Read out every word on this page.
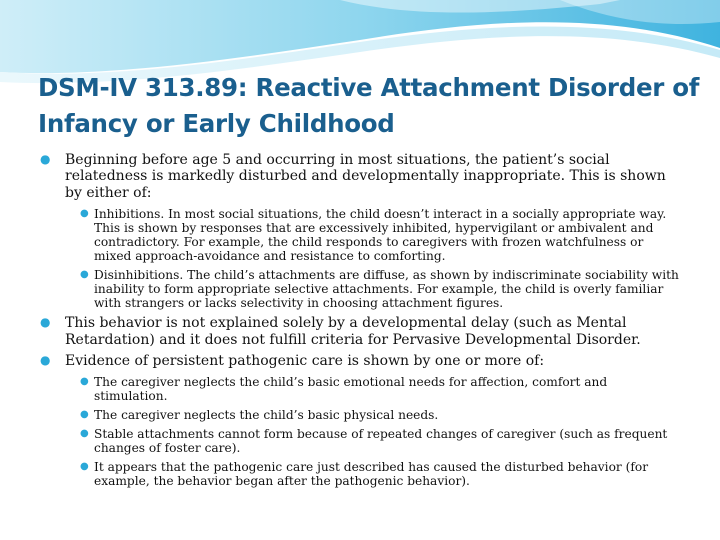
DSM-IV 313.89: Reactive Attachment Disorder of Infancy or Early Childhood
● Beginning before age 5 and occurring in most situations, the patient’s social relatedness is markedly disturbed and developmentally inappropriate. This is shown by either of:
● Inhibitions. In most social situations, the child doesn’t interact in a socially appropriate way. This is shown by responses that are excessively inhibited, hypervigilant or ambivalent and contradictory. For example, the child responds to caregivers with frozen watchfulness or mixed approach-avoidance and resistance to comforting.
● Disinhibitions. The child’s attachments are diffuse, as shown by indiscriminate sociability with inability to form appropriate selective attachments. For example, the child is overly familiar with strangers or lacks selectivity in choosing attachment figures.
● This behavior is not explained solely by a developmental delay (such as Mental Retardation) and it does not fulfill criteria for Pervasive Developmental Disorder.
● Evidence of persistent pathogenic care is shown by one or more of:
● The caregiver neglects the child’s basic emotional needs for affection, comfort and stimulation.
● The caregiver neglects the child’s basic physical needs.
● Stable attachments cannot form because of repeated changes of caregiver (such as frequent changes of foster care).
● It appears that the pathogenic care just described has caused the disturbed behavior (for example, the behavior began after the pathogenic behavior).
